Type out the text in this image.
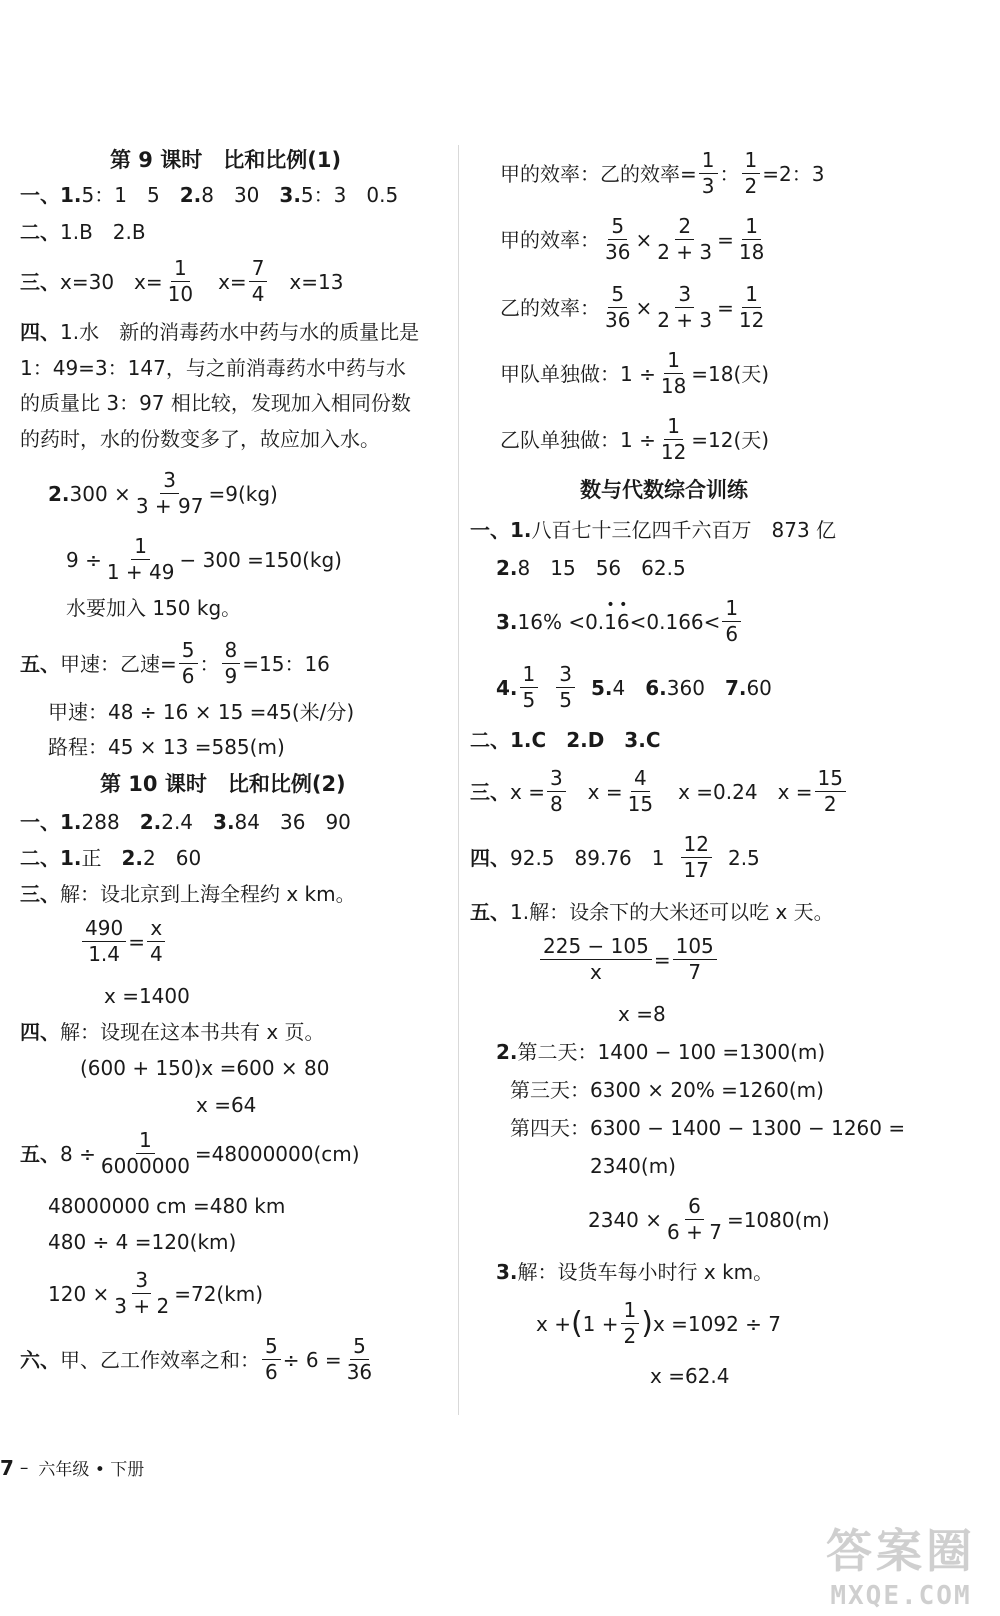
第 9 课时　比和比例(1)
一、 1. 5：1　5　 2. 8　30　 3. 5：3　0.5
二、 1.B　2.B
三、 x=30　$x= \frac{1}{10}$ 　$x= \frac{7}{4}$ 　x=13
四、 1.水　新的消毒药水中药与水的质量比是
1：49=3：147，与之前消毒药水中药与水
的质量比 3：97 相比较，发现加入相同份数
的药时，水的份数变多了，故应加入水。
2. $300 \times \frac{3}{3 + 97} =9(kg)$
$9 \div \frac{1}{1 + 49} - 300 =150(kg)$
水要加入 150 kg。
五、 甲速：乙速= $\frac{5}{6}$ ： $\frac{8}{9} =15$：16
甲速：48 ÷ 16 × 15 =45(米/分)
路程：45 × 13 =585(m)
第 10 课时　比和比例(2)
一、 1. 288　 2. 2.4　 3. 84　36　90
二、 1. 正　 2. 2　60
三、 解：设北京到上海全程约 x km。
$\frac{490}{1.4} = \frac{x}{4}$
x =1400
四、 解：设现在这本书共有 x 页。
(600 + 150)x =600 × 80
x =64
五、 $8 \div \frac{1}{6000000} =48000000(cm)$
48000000 cm =480 km
480 ÷ 4 =120(km)
$120 \times \frac{3}{3 + 2} =72(km)$
六、 甲、乙工作效率之和： $\frac{5}{6} \div 6 = \frac{5}{36}$
甲的效率：乙的效率= $\frac{1}{3}$ ： $\frac{1}{2} =2$：3
甲的效率： $\frac{5}{36} \times \frac{2}{2 + 3} = \frac{1}{18}$
乙的效率： $\frac{5}{36} \times \frac{3}{2 + 3} = \frac{1}{12}$
甲队单独做：$1 \div \frac{1}{18} =18$(天)
乙队单独做：$1 \div \frac{1}{12} =12$(天)
数与代数综合训练
一、 1. 八百七十三亿四千六百万　873 亿
2. 8　15　56　62.5
3. 16% <0. • 1 • $6 <0.166< \frac{1}{6}$
4. $\frac{1}{5} \frac{3}{5} 5$. 4　 6. 360　 7. 60
二、 1.C　2.D　3.C
三、 $x = \frac{3}{8}$ 　$x = \frac{4}{15}$ 　x =0.24　$x = \frac{15}{2}$
四、 92.5　89.76　$1 \frac{12}{17} 2.5$
五、 1.解：设余下的大米还可以吃 x 天。
$\frac{225 - 105}{x} = \frac{105}{7}$
x =8
2. 第二天：1400 − 100 =1300(m)
第三天：6300 × 20% =1260(m)
第四天：6300 − 1400 − 1300 − 1260 =
2340(m)
$2340 \times \frac{6}{6 + 7} =1080(m)$
3. 解：设货车每小时行 x km。
x + ( $1 + \frac{1}{2}$ ) x =1092 ÷ 7
x =62.4
7 – 六年级 • 下册
答案圈
MXQE.COM
